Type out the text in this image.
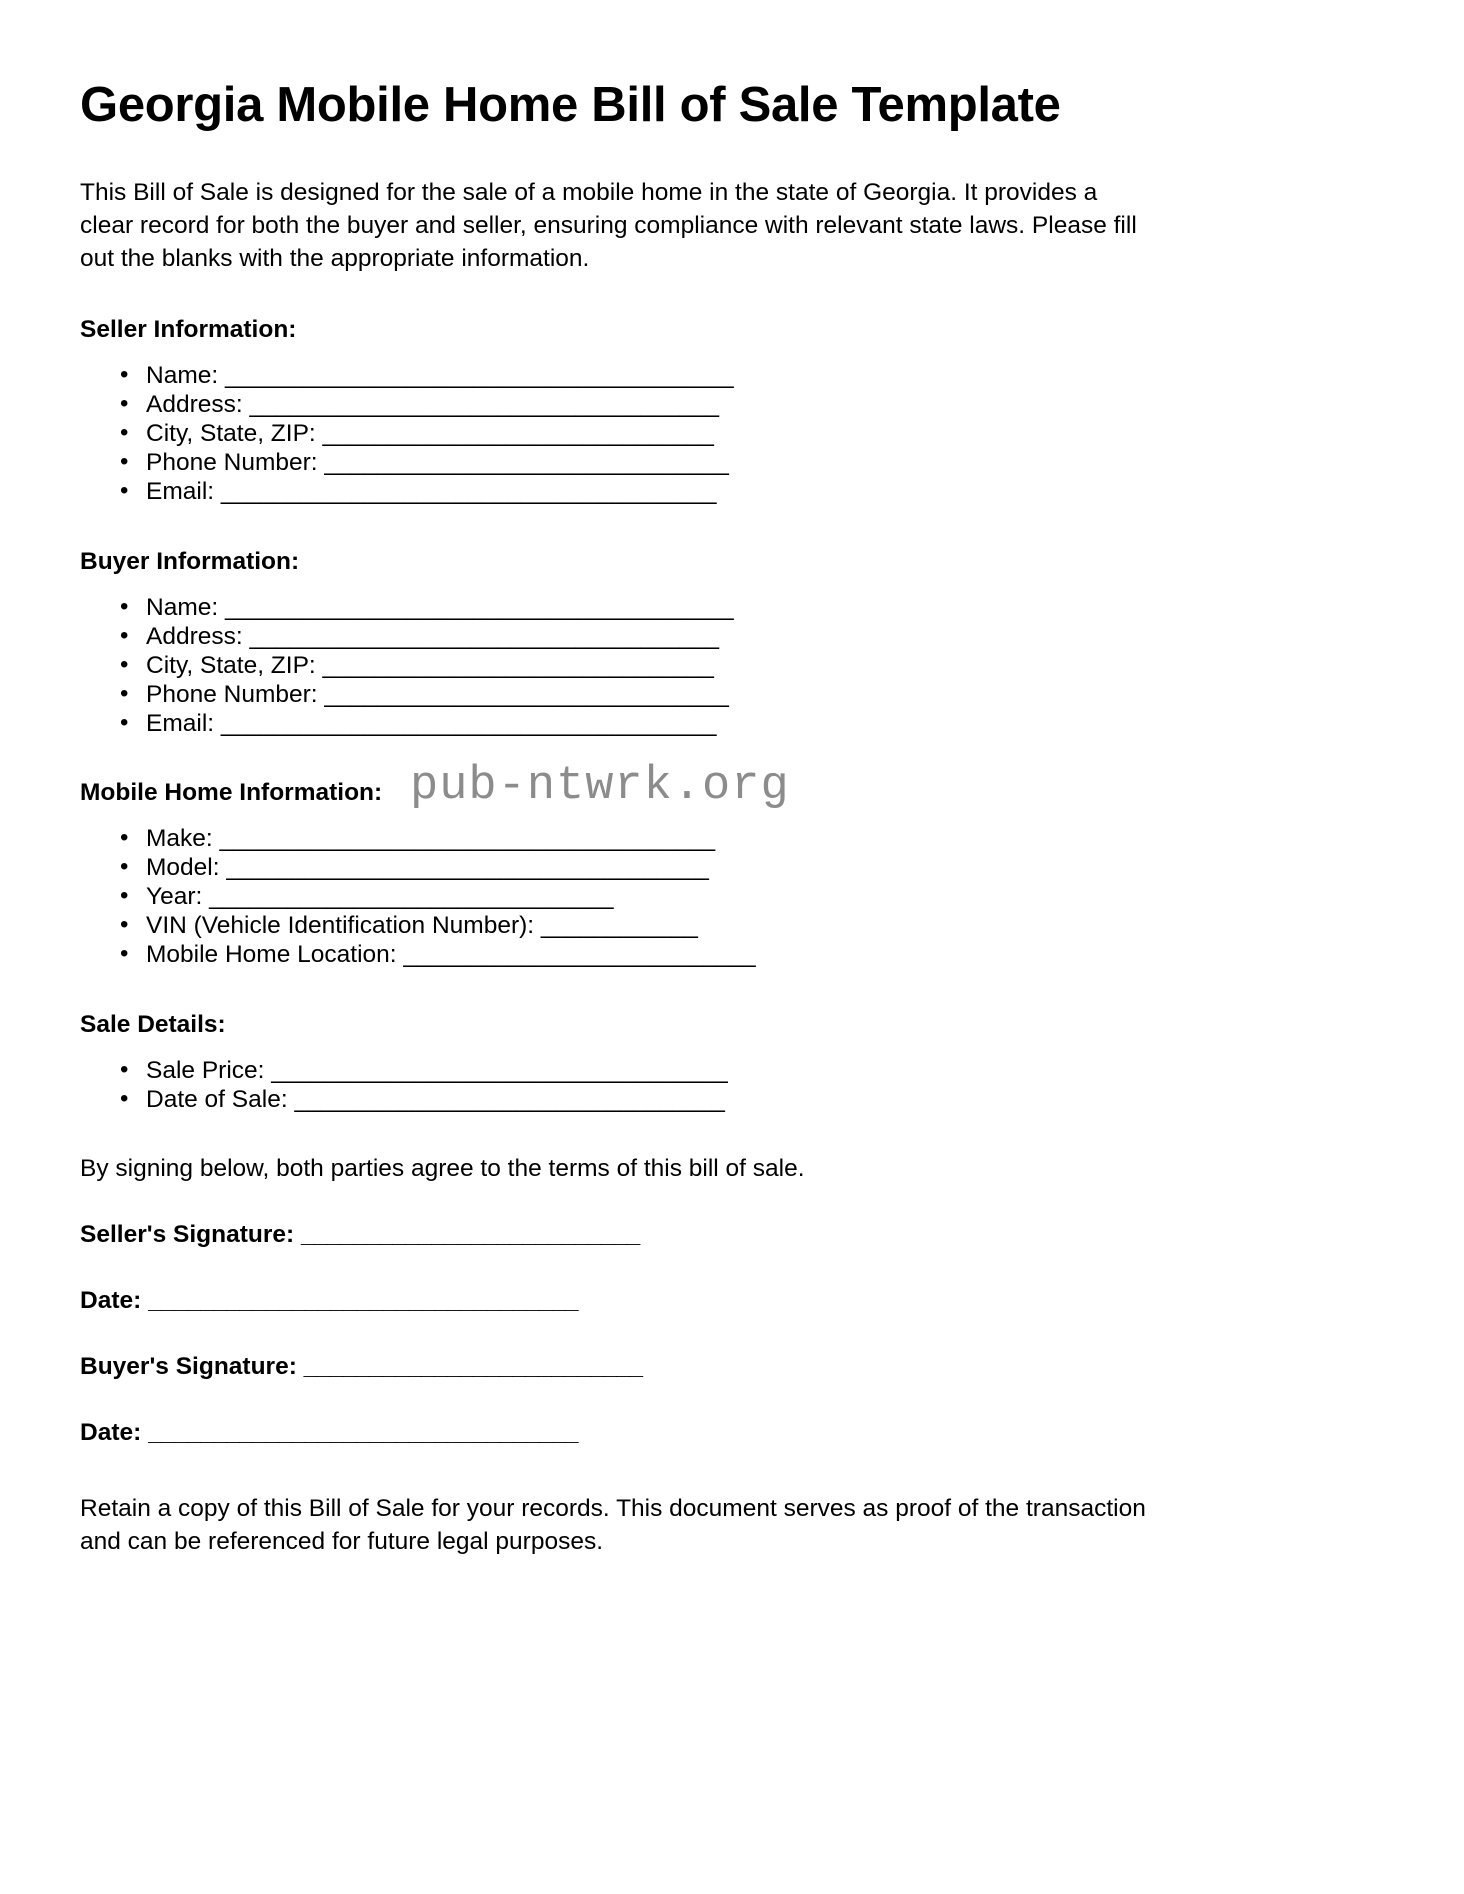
Georgia Mobile Home Bill of Sale Template

This Bill of Sale is designed for the sale of a mobile home in the state of Georgia. It provides a clear record for both the buyer and seller, ensuring compliance with relevant state laws. Please fill out the blanks with the appropriate information.

Seller Information:
• Name: _______________________________________
• Address: ____________________________________
• City, State, ZIP: ______________________________
• Phone Number: _______________________________
• Email: ______________________________________
Buyer Information:
• Name: _______________________________________
• Address: ____________________________________
• City, State, ZIP: ______________________________
• Phone Number: _______________________________
• Email: ______________________________________
Mobile Home Information:
• Make: ______________________________________
• Model: _____________________________________
• Year: _______________________________
• VIN (Vehicle Identification Number): ____________
• Mobile Home Location: ___________________________
Sale Details:
• Sale Price: ___________________________________
• Date of Sale: _________________________________

By signing below, both parties agree to the terms of this bill of sale.

Seller's Signature: __________________________
Date: _________________________________
Buyer's Signature: __________________________
Date: _________________________________

Retain a copy of this Bill of Sale for your records. This document serves as proof of the transaction and can be referenced for future legal purposes.

pub-ntwrk.org
